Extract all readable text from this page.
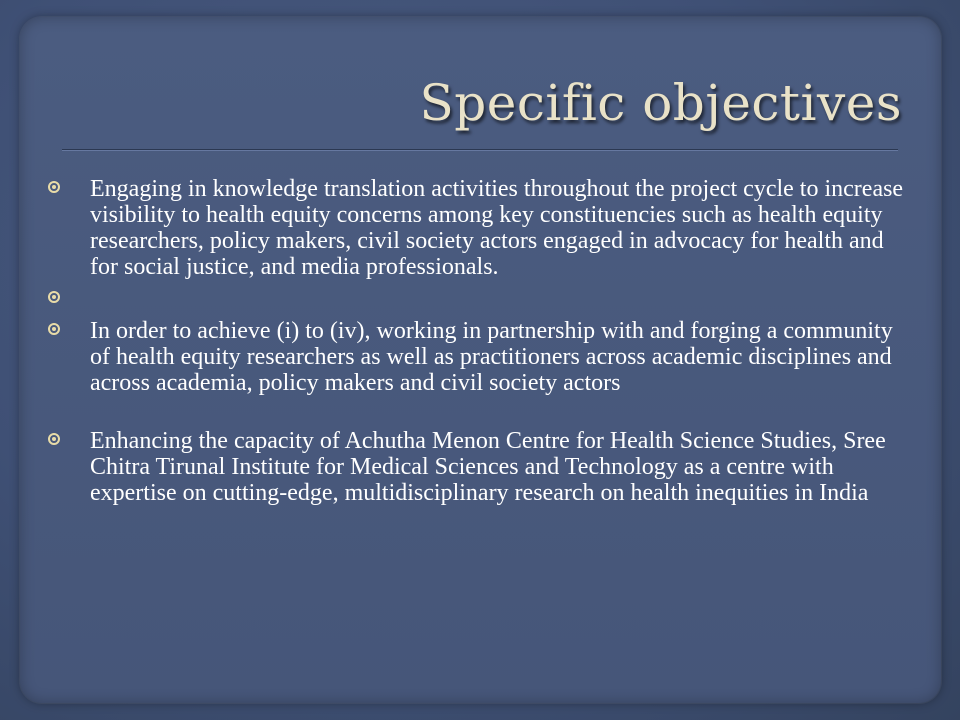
Specific objectives
Engaging in knowledge translation activities throughout the project cycle to increase visibility to health equity concerns among key constituencies such as health equity researchers, policy makers, civil society actors engaged in advocacy for health and for social justice, and media professionals.
In order to achieve (i) to (iv), working in partnership with and forging a community of health equity researchers as well as practitioners across academic disciplines and across academia, policy makers and civil society actors
Enhancing the capacity of Achutha Menon Centre for Health Science Studies, Sree Chitra Tirunal Institute for Medical Sciences and Technology as a centre with expertise on cutting-edge, multidisciplinary research on health inequities in India
